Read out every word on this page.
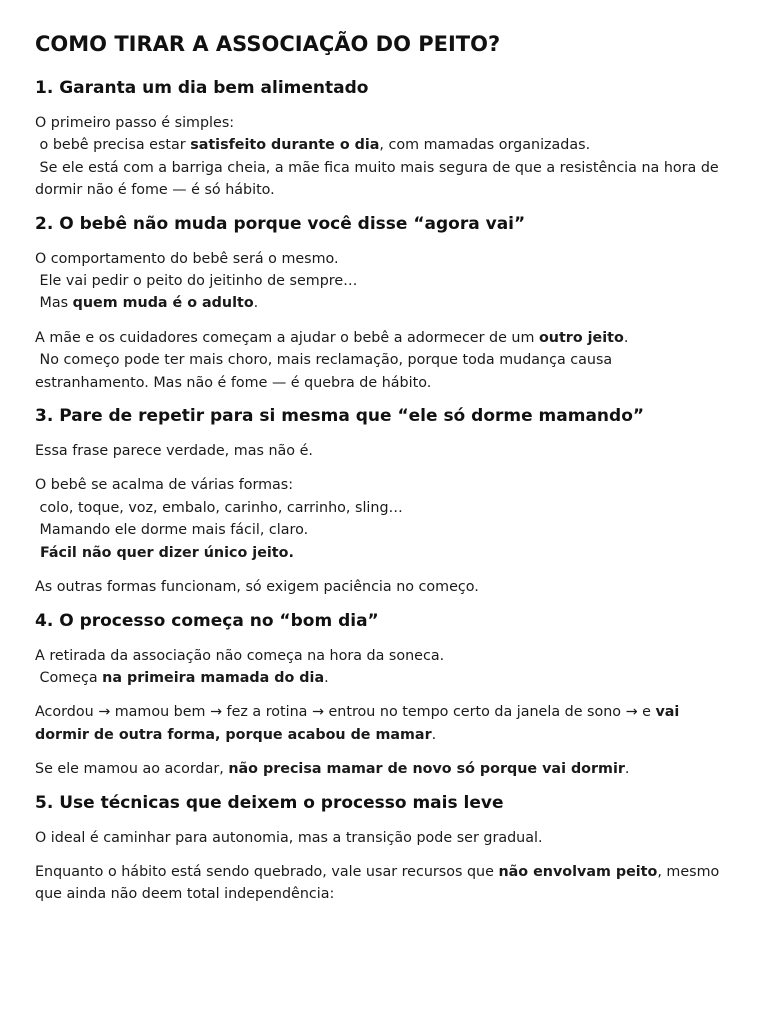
COMO TIRAR A ASSOCIAÇÃO DO PEITO?
1. Garanta um dia bem alimentado

O primeiro passo é simples:
o bebê precisa estar satisfeito durante o dia, com mamadas organizadas.
Se ele está com a barriga cheia, a mãe fica muito mais segura de que a resistência na hora de dormir não é fome — é só hábito.

2. O bebê não muda porque você disse “agora vai”

O comportamento do bebê será o mesmo.
Ele vai pedir o peito do jeitinho de sempre…
Mas quem muda é o adulto.

A mãe e os cuidadores começam a ajudar o bebê a adormecer de um outro jeito.
No começo pode ter mais choro, mais reclamação, porque toda mudança causa estranhamento. Mas não é fome — é quebra de hábito.

3. Pare de repetir para si mesma que “ele só dorme mamando”

Essa frase parece verdade, mas não é.

O bebê se acalma de várias formas:
colo, toque, voz, embalo, carinho, carrinho, sling…
Mamando ele dorme mais fácil, claro.
Fácil não quer dizer único jeito.

As outras formas funcionam, só exigem paciência no começo.

4. O processo começa no “bom dia”

A retirada da associação não começa na hora da soneca.
Começa na primeira mamada do dia.

Acordou → mamou bem → fez a rotina → entrou no tempo certo da janela de sono → e vai dormir de outra forma, porque acabou de mamar.

Se ele mamou ao acordar, não precisa mamar de novo só porque vai dormir.

5. Use técnicas que deixem o processo mais leve

O ideal é caminhar para autonomia, mas a transição pode ser gradual.

Enquanto o hábito está sendo quebrado, vale usar recursos que não envolvam peito, mesmo que ainda não deem total independência:
